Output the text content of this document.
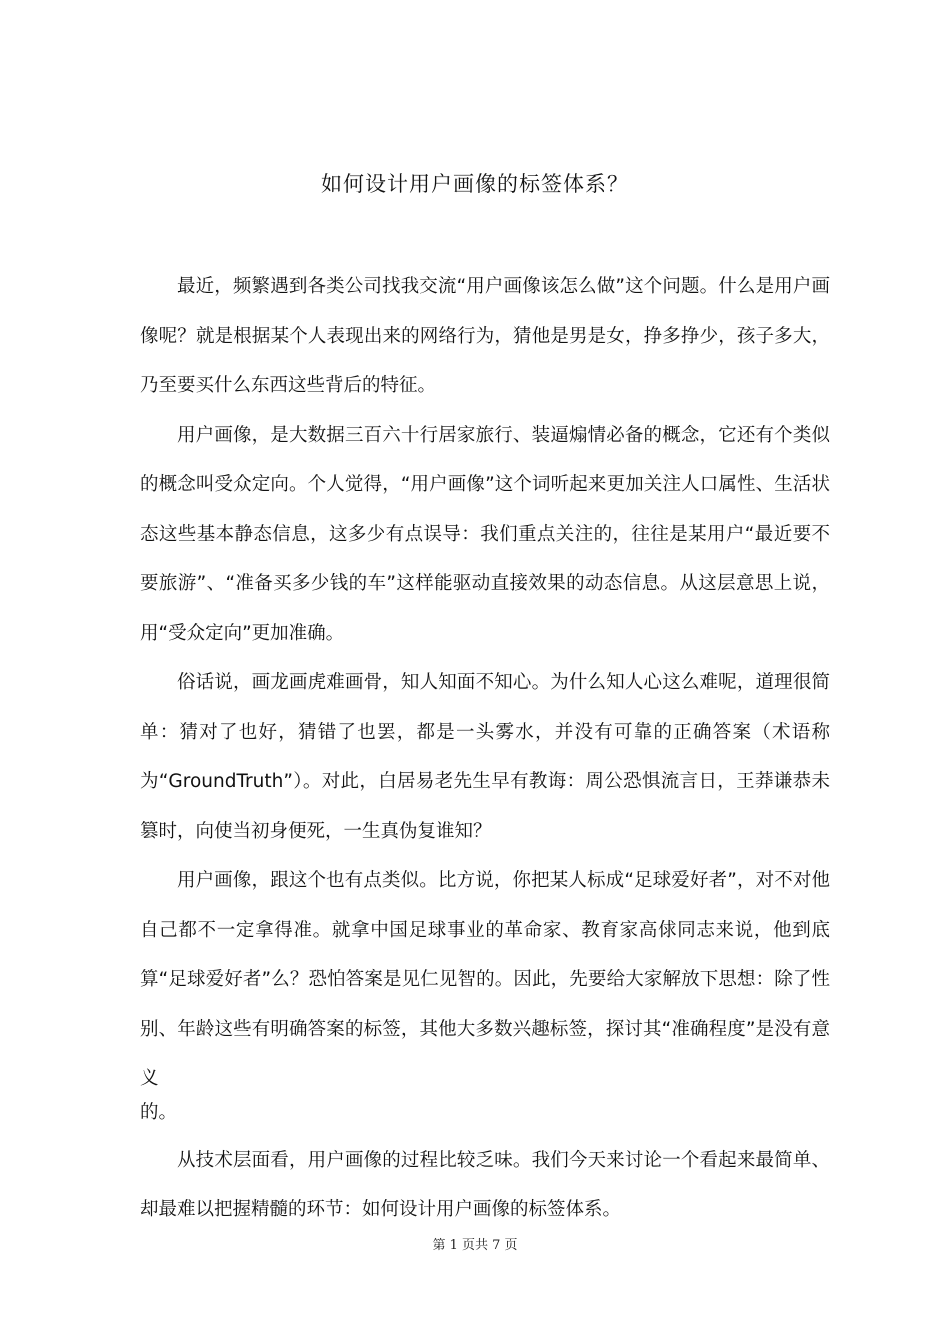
如何设计用户画像的标签体系？

最近，频繁遇到各类公司找我交流“用户画像该怎么做”这个问题。什么是用户画像呢？就是根据某个人表现出来的网络行为，猜他是男是女，挣多挣少，孩子多大，乃至要买什么东西这些背后的特征。

用户画像，是大数据三百六十行居家旅行、装逼煽情必备的概念，它还有个类似的概念叫受众定向。个人觉得，“用户画像”这个词听起来更加关注人口属性、生活状态这些基本静态信息，这多少有点误导：我们重点关注的，往往是某用户“最近要不要旅游”、“准备买多少钱的车”这样能驱动直接效果的动态信息。从这层意思上说，用“受众定向”更加准确。

俗话说，画龙画虎难画骨，知人知面不知心。为什么知人心这么难呢，道理很简单：猜对了也好，猜错了也罢，都是一头雾水，并没有可靠的正确答案（术语称为“GroundTruth”）。对此，白居易老先生早有教诲：周公恐惧流言日，王莽谦恭未篡时，向使当初身便死，一生真伪复谁知？

用户画像，跟这个也有点类似。比方说，你把某人标成“足球爱好者”，对不对他自己都不一定拿得准。就拿中国足球事业的革命家、教育家高俅同志来说，他到底算“足球爱好者”么？恐怕答案是见仁见智的。因此，先要给大家解放下思想：除了性别、年龄这些有明确答案的标签，其他大多数兴趣标签，探讨其“准确程度”是没有意义

的。

从技术层面看，用户画像的过程比较乏味。我们今天来讨论一个看起来最简单、却最难以把握精髓的环节：如何设计用户画像的标签体系。

第 1 页共 7 页
